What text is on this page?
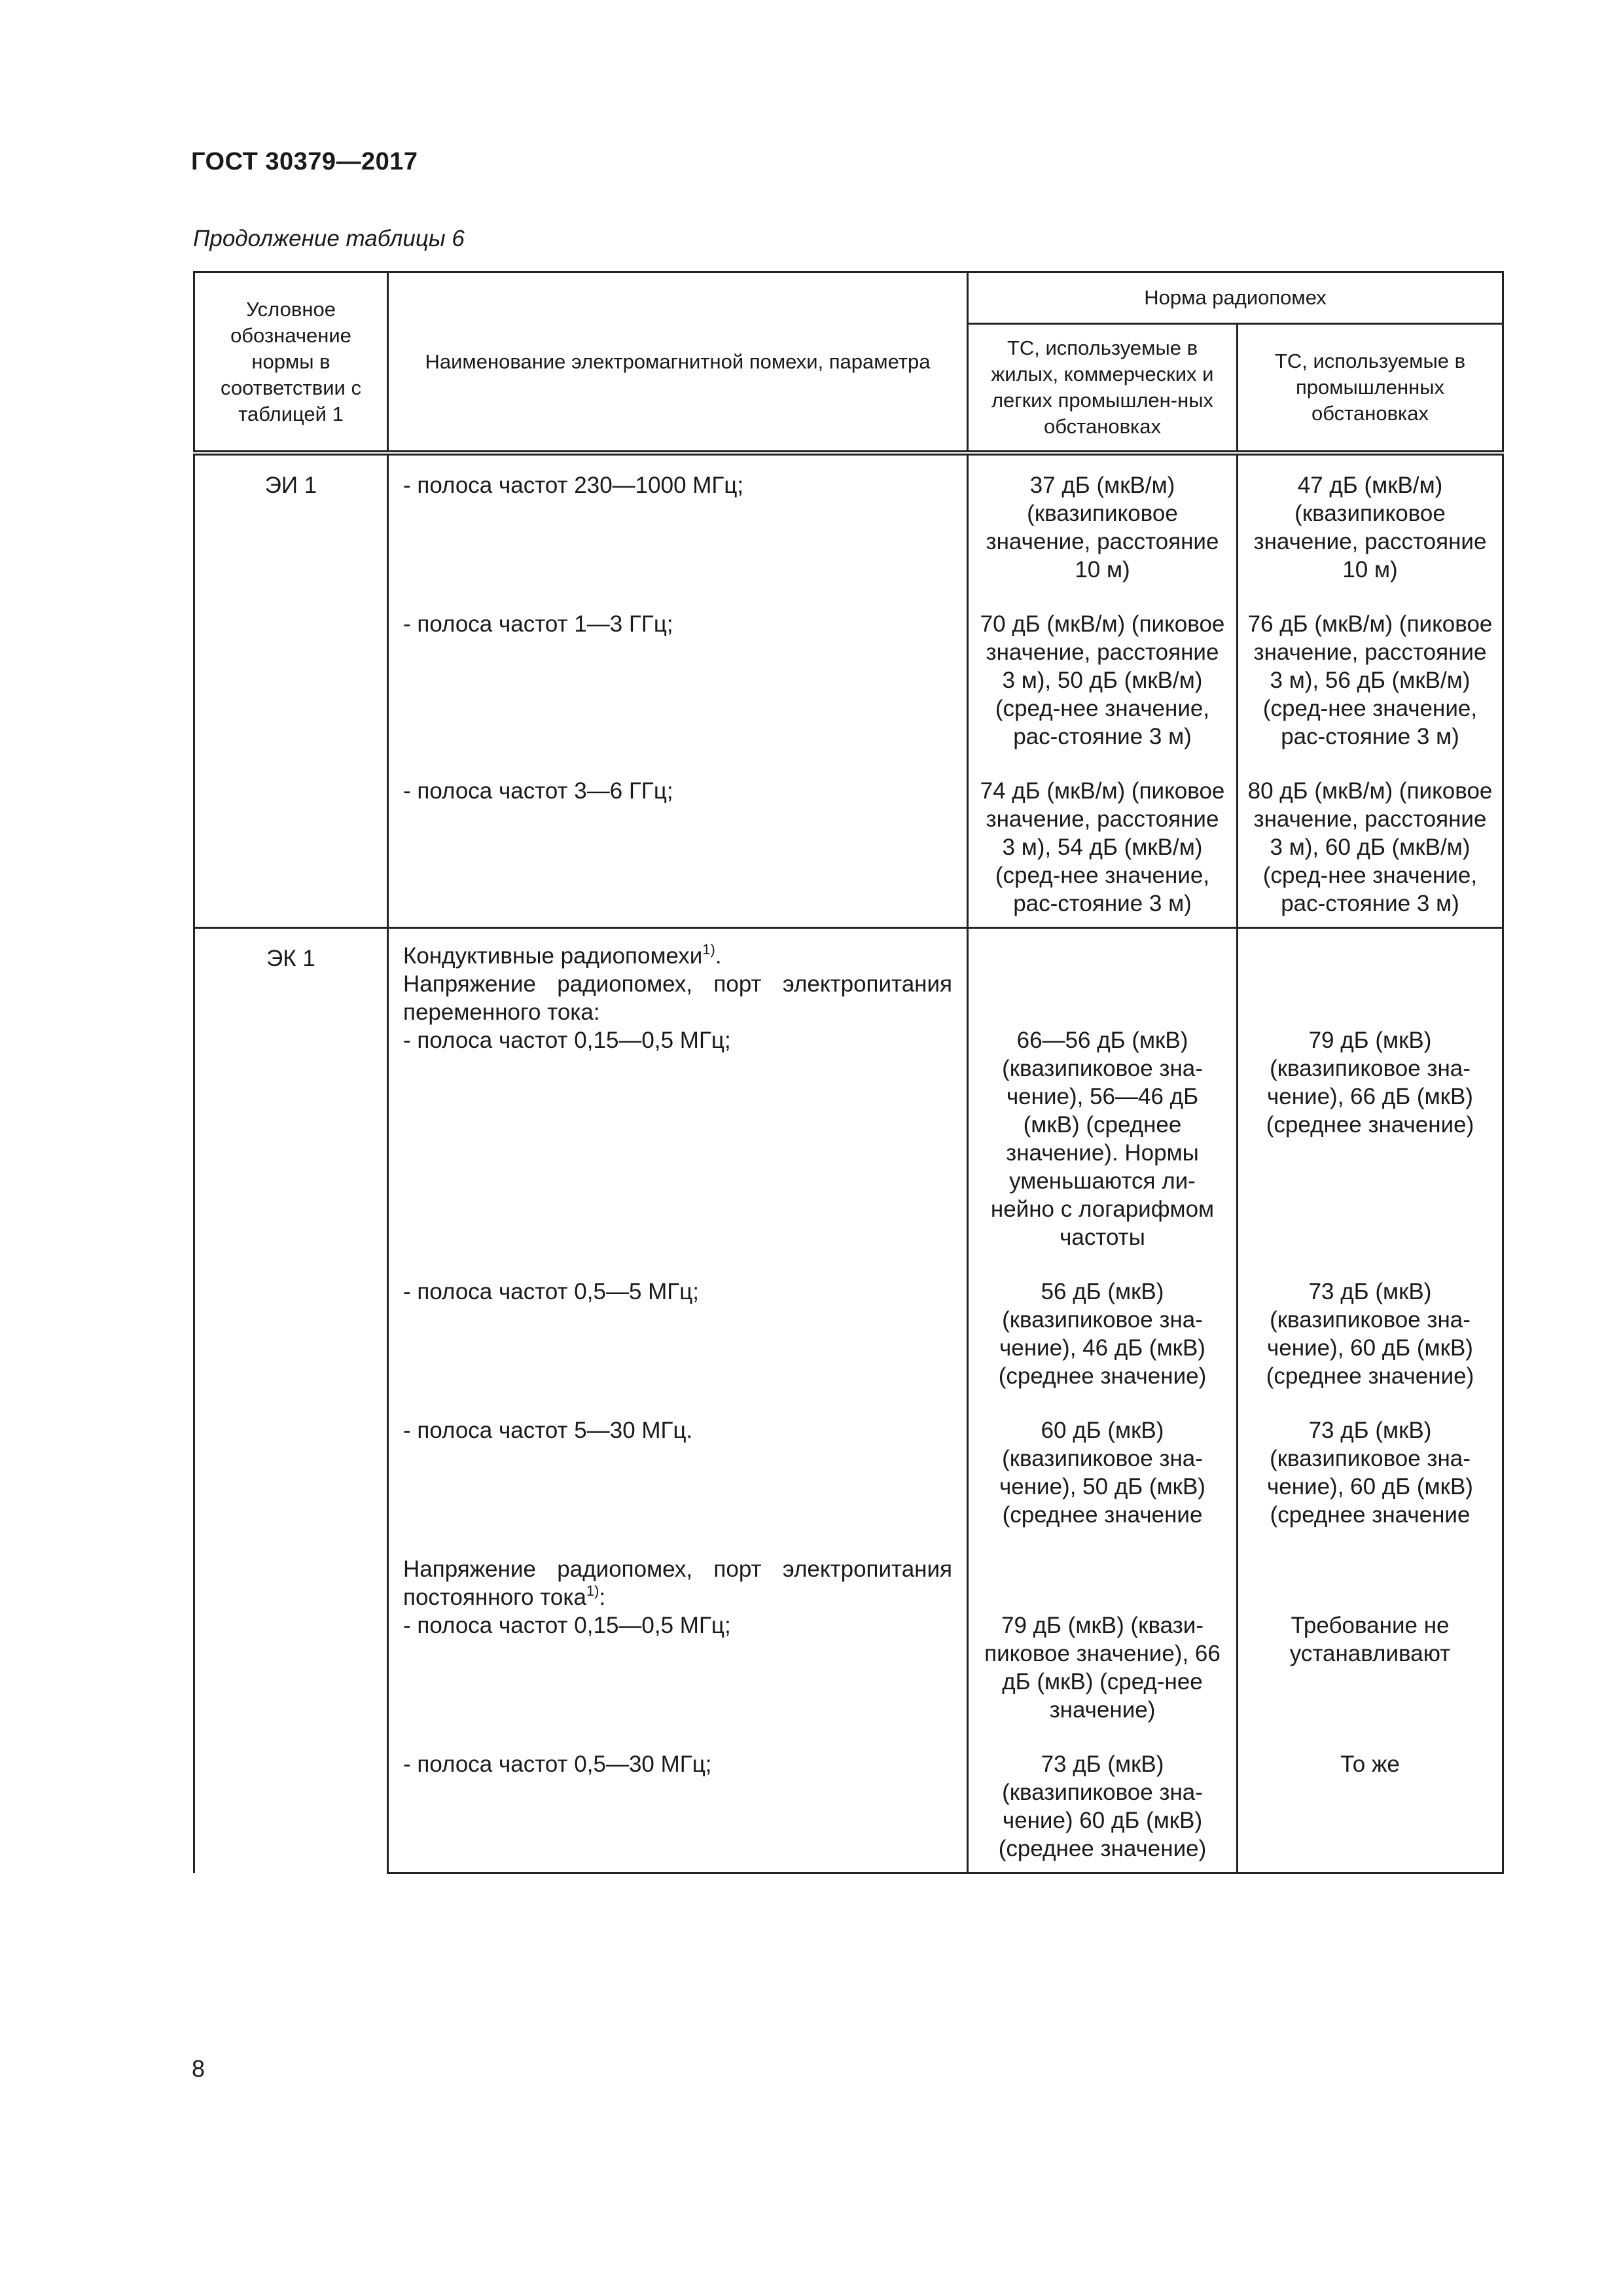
ГОСТ 30379—2017
Продолжение таблицы 6
Условное обозначение нормы в соответствии с таблицей 1	Наименование электромагнитной помехи, параметра	Норма радиопомех	
		ТС, используемые в жилых, коммерческих и легких промышлен-ных обстановках	ТС, используемые в промышленных обстановках
ЭИ 1	- полоса частот 230—1000 МГц;	37 дБ (мкВ/м) (квазипиковое значение, расстояние 10 м)	47 дБ (мкВ/м) (квазипиковое значение, расстояние 10 м)

	- полоса частот 1—3 ГГц;	70 дБ (мкВ/м) (пиковое значение, расстояние 3 м), 50 дБ (мкВ/м) (сред-нее значение, рас-стояние 3 м)	76 дБ (мкВ/м) (пиковое значение, расстояние 3 м), 56 дБ (мкВ/м) (сред-нее значение, рас-стояние 3 м)

	- полоса частот 3—6 ГГц;	74 дБ (мкВ/м) (пиковое значение, расстояние 3 м), 54 дБ (мкВ/м) (сред-нее значение, рас-стояние 3 м)	80 дБ (мкВ/м) (пиковое значение, расстояние 3 м), 60 дБ (мкВ/м) (сред-нее значение, рас-стояние 3 м)

ЭК 1	Кондуктивные радиопомехи$^{1)}$.
Напряжение радиопомех, порт электропитания переменного тока:		

	- полоса частот 0,15—0,5 МГц;	66—56 дБ (мкВ) (квазипиковое зна-чение), 56—46 дБ (мкВ) (среднее значение). Нормы уменьшаются ли-нейно с логарифмом частоты	79 дБ (мкВ) (квазипиковое зна-чение), 66 дБ (мкВ) (среднее значение)

	- полоса частот 0,5—5 МГц;	56 дБ (мкВ) (квазипиковое зна-чение), 46 дБ (мкВ) (среднее значение)	73 дБ (мкВ) (квазипиковое зна-чение), 60 дБ (мкВ) (среднее значение)

	- полоса частот 5—30 МГц.	60 дБ (мкВ) (квазипиковое зна-чение), 50 дБ (мкВ) (среднее значение	73 дБ (мкВ) (квазипиковое зна-чение), 60 дБ (мкВ) (среднее значение

	Напряжение радиопомех, порт электропитания постоянного тока$^{1)}$:		

	- полоса частот 0,15—0,5 МГц;	79 дБ (мкВ) (квази-пиковое значение), 66 дБ (мкВ) (сред-нее значение)	Требование не устанавливают

	- полоса частот 0,5—30 МГц;	73 дБ (мкВ) (квазипиковое зна-чение) 60 дБ (мкВ) (среднее значение)	То же
8
